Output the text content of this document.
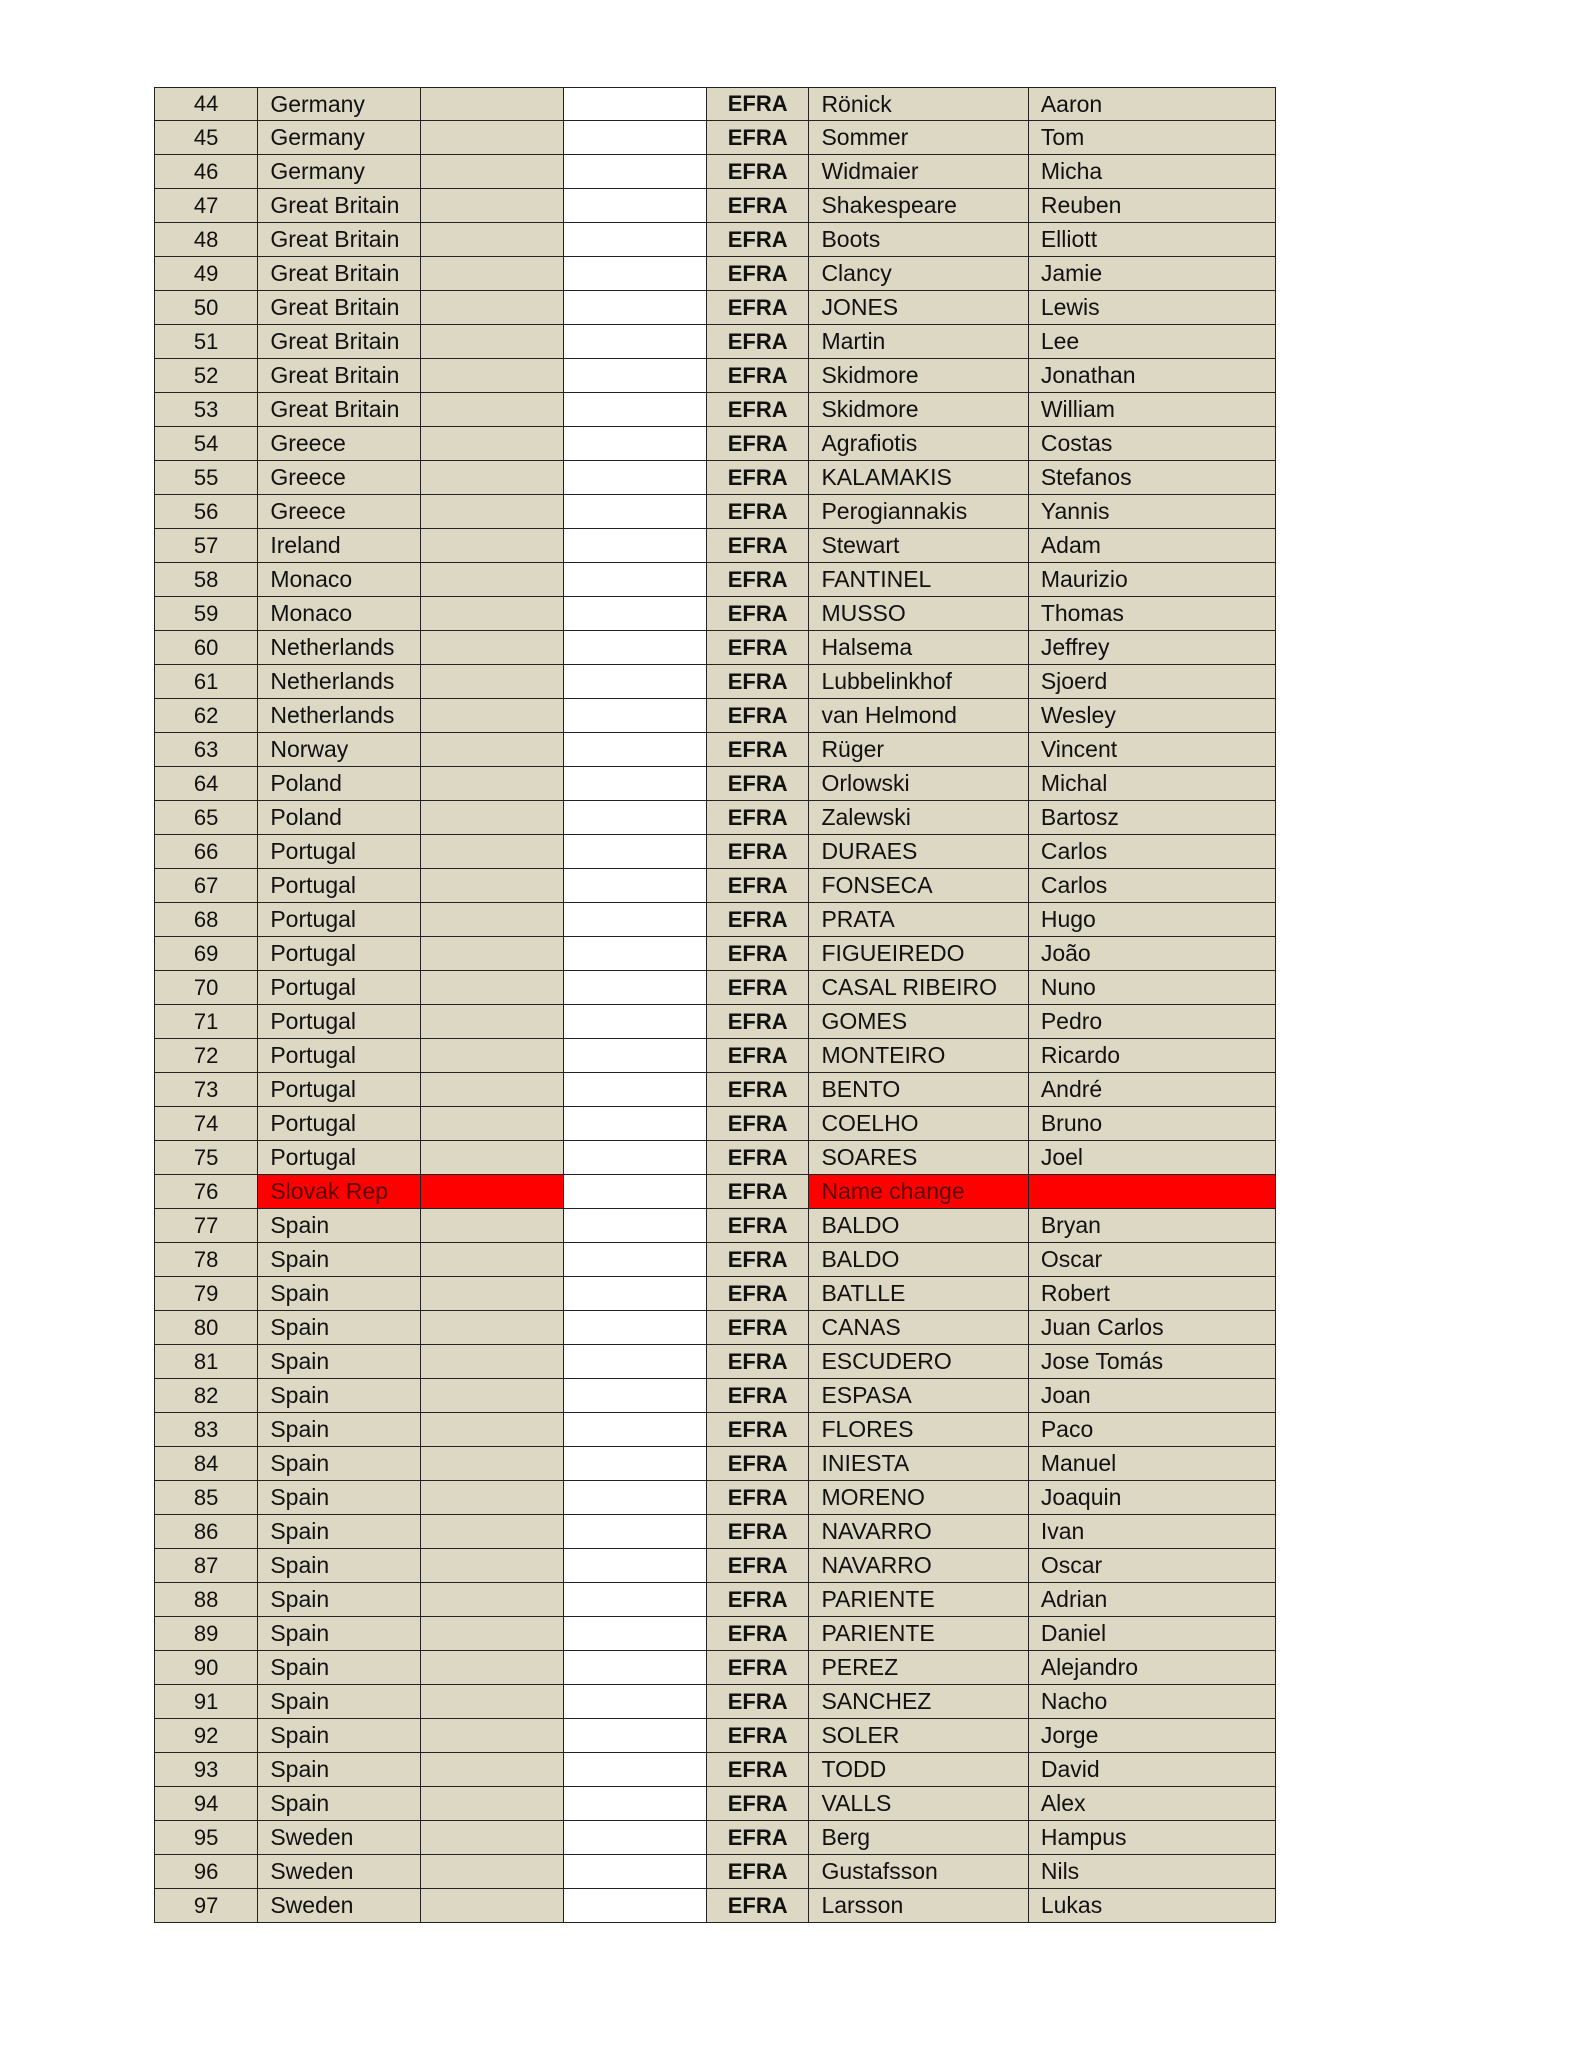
44	Germany	EFRA	Rönick	Aaron
45	Germany	EFRA	Sommer	Tom
46	Germany	EFRA	Widmaier	Micha
47	Great Britain	EFRA	Shakespeare	Reuben
48	Great Britain	EFRA	Boots	Elliott
49	Great Britain	EFRA	Clancy	Jamie
50	Great Britain	EFRA	JONES	Lewis
51	Great Britain	EFRA	Martin	Lee
52	Great Britain	EFRA	Skidmore	Jonathan
53	Great Britain	EFRA	Skidmore	William
54	Greece	EFRA	Agrafiotis	Costas
55	Greece	EFRA	KALAMAKIS	Stefanos
56	Greece	EFRA	Perogiannakis	Yannis
57	Ireland	EFRA	Stewart	Adam
58	Monaco	EFRA	FANTINEL	Maurizio
59	Monaco	EFRA	MUSSO	Thomas
60	Netherlands	EFRA	Halsema	Jeffrey
61	Netherlands	EFRA	Lubbelinkhof	Sjoerd
62	Netherlands	EFRA	van Helmond	Wesley
63	Norway	EFRA	Rüger	Vincent
64	Poland	EFRA	Orlowski	Michal
65	Poland	EFRA	Zalewski	Bartosz
66	Portugal	EFRA	DURAES	Carlos
67	Portugal	EFRA	FONSECA	Carlos
68	Portugal	EFRA	PRATA	Hugo
69	Portugal	EFRA	FIGUEIREDO	João
70	Portugal	EFRA	CASAL RIBEIRO	Nuno
71	Portugal	EFRA	GOMES	Pedro
72	Portugal	EFRA	MONTEIRO	Ricardo
73	Portugal	EFRA	BENTO	André
74	Portugal	EFRA	COELHO	Bruno
75	Portugal	EFRA	SOARES	Joel
76	Slovak Rep	EFRA	Name change
77	Spain	EFRA	BALDO	Bryan
78	Spain	EFRA	BALDO	Oscar
79	Spain	EFRA	BATLLE	Robert
80	Spain	EFRA	CANAS	Juan Carlos
81	Spain	EFRA	ESCUDERO	Jose Tomás
82	Spain	EFRA	ESPASA	Joan
83	Spain	EFRA	FLORES	Paco
84	Spain	EFRA	INIESTA	Manuel
85	Spain	EFRA	MORENO	Joaquin
86	Spain	EFRA	NAVARRO	Ivan
87	Spain	EFRA	NAVARRO	Oscar
88	Spain	EFRA	PARIENTE	Adrian
89	Spain	EFRA	PARIENTE	Daniel
90	Spain	EFRA	PEREZ	Alejandro
91	Spain	EFRA	SANCHEZ	Nacho
92	Spain	EFRA	SOLER	Jorge
93	Spain	EFRA	TODD	David
94	Spain	EFRA	VALLS	Alex
95	Sweden	EFRA	Berg	Hampus
96	Sweden	EFRA	Gustafsson	Nils
97	Sweden	EFRA	Larsson	Lukas
